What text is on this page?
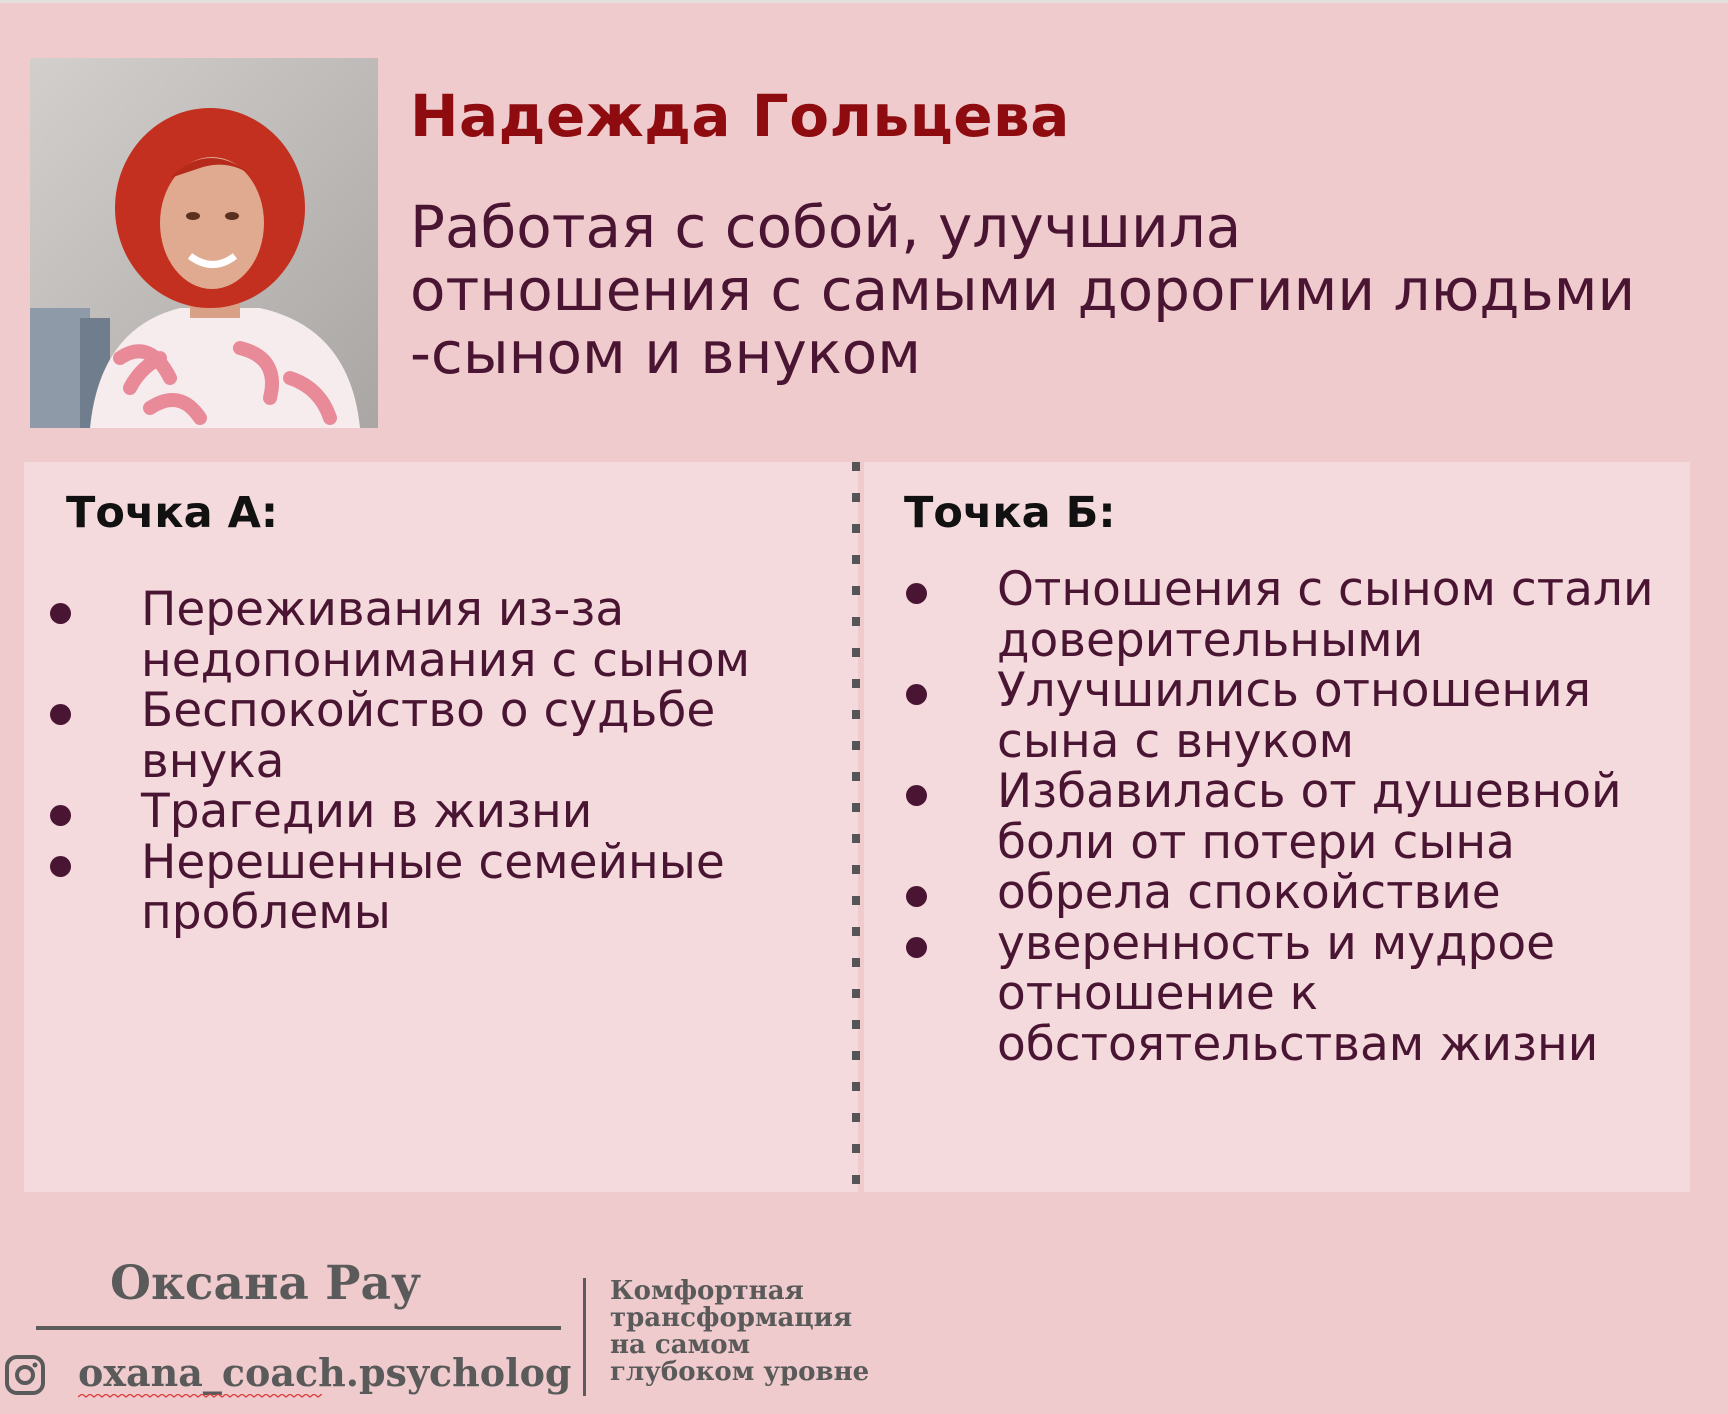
Надежда Гольцева
Работая с собой, улучшила
отношения с самыми дорогими людьми
-сыном и внуком
Точка А:	Точка Б:
Переживания из-за недопонимания с сыном
Беспокойство о судьбе внука
Трагедии в жизни
Нерешенные семейные проблемы
Отношения с сыном стали доверительными
Улучшились отношения сына с внуком
Избавилась от душевной боли от потери сына
обрела спокойствие
уверенность и мудрое отношение к обстоятельствам жизни
Оксана Рау
oxana_coach.psycholog
Комфортная
трансформация
на самом
глубоком уровне
